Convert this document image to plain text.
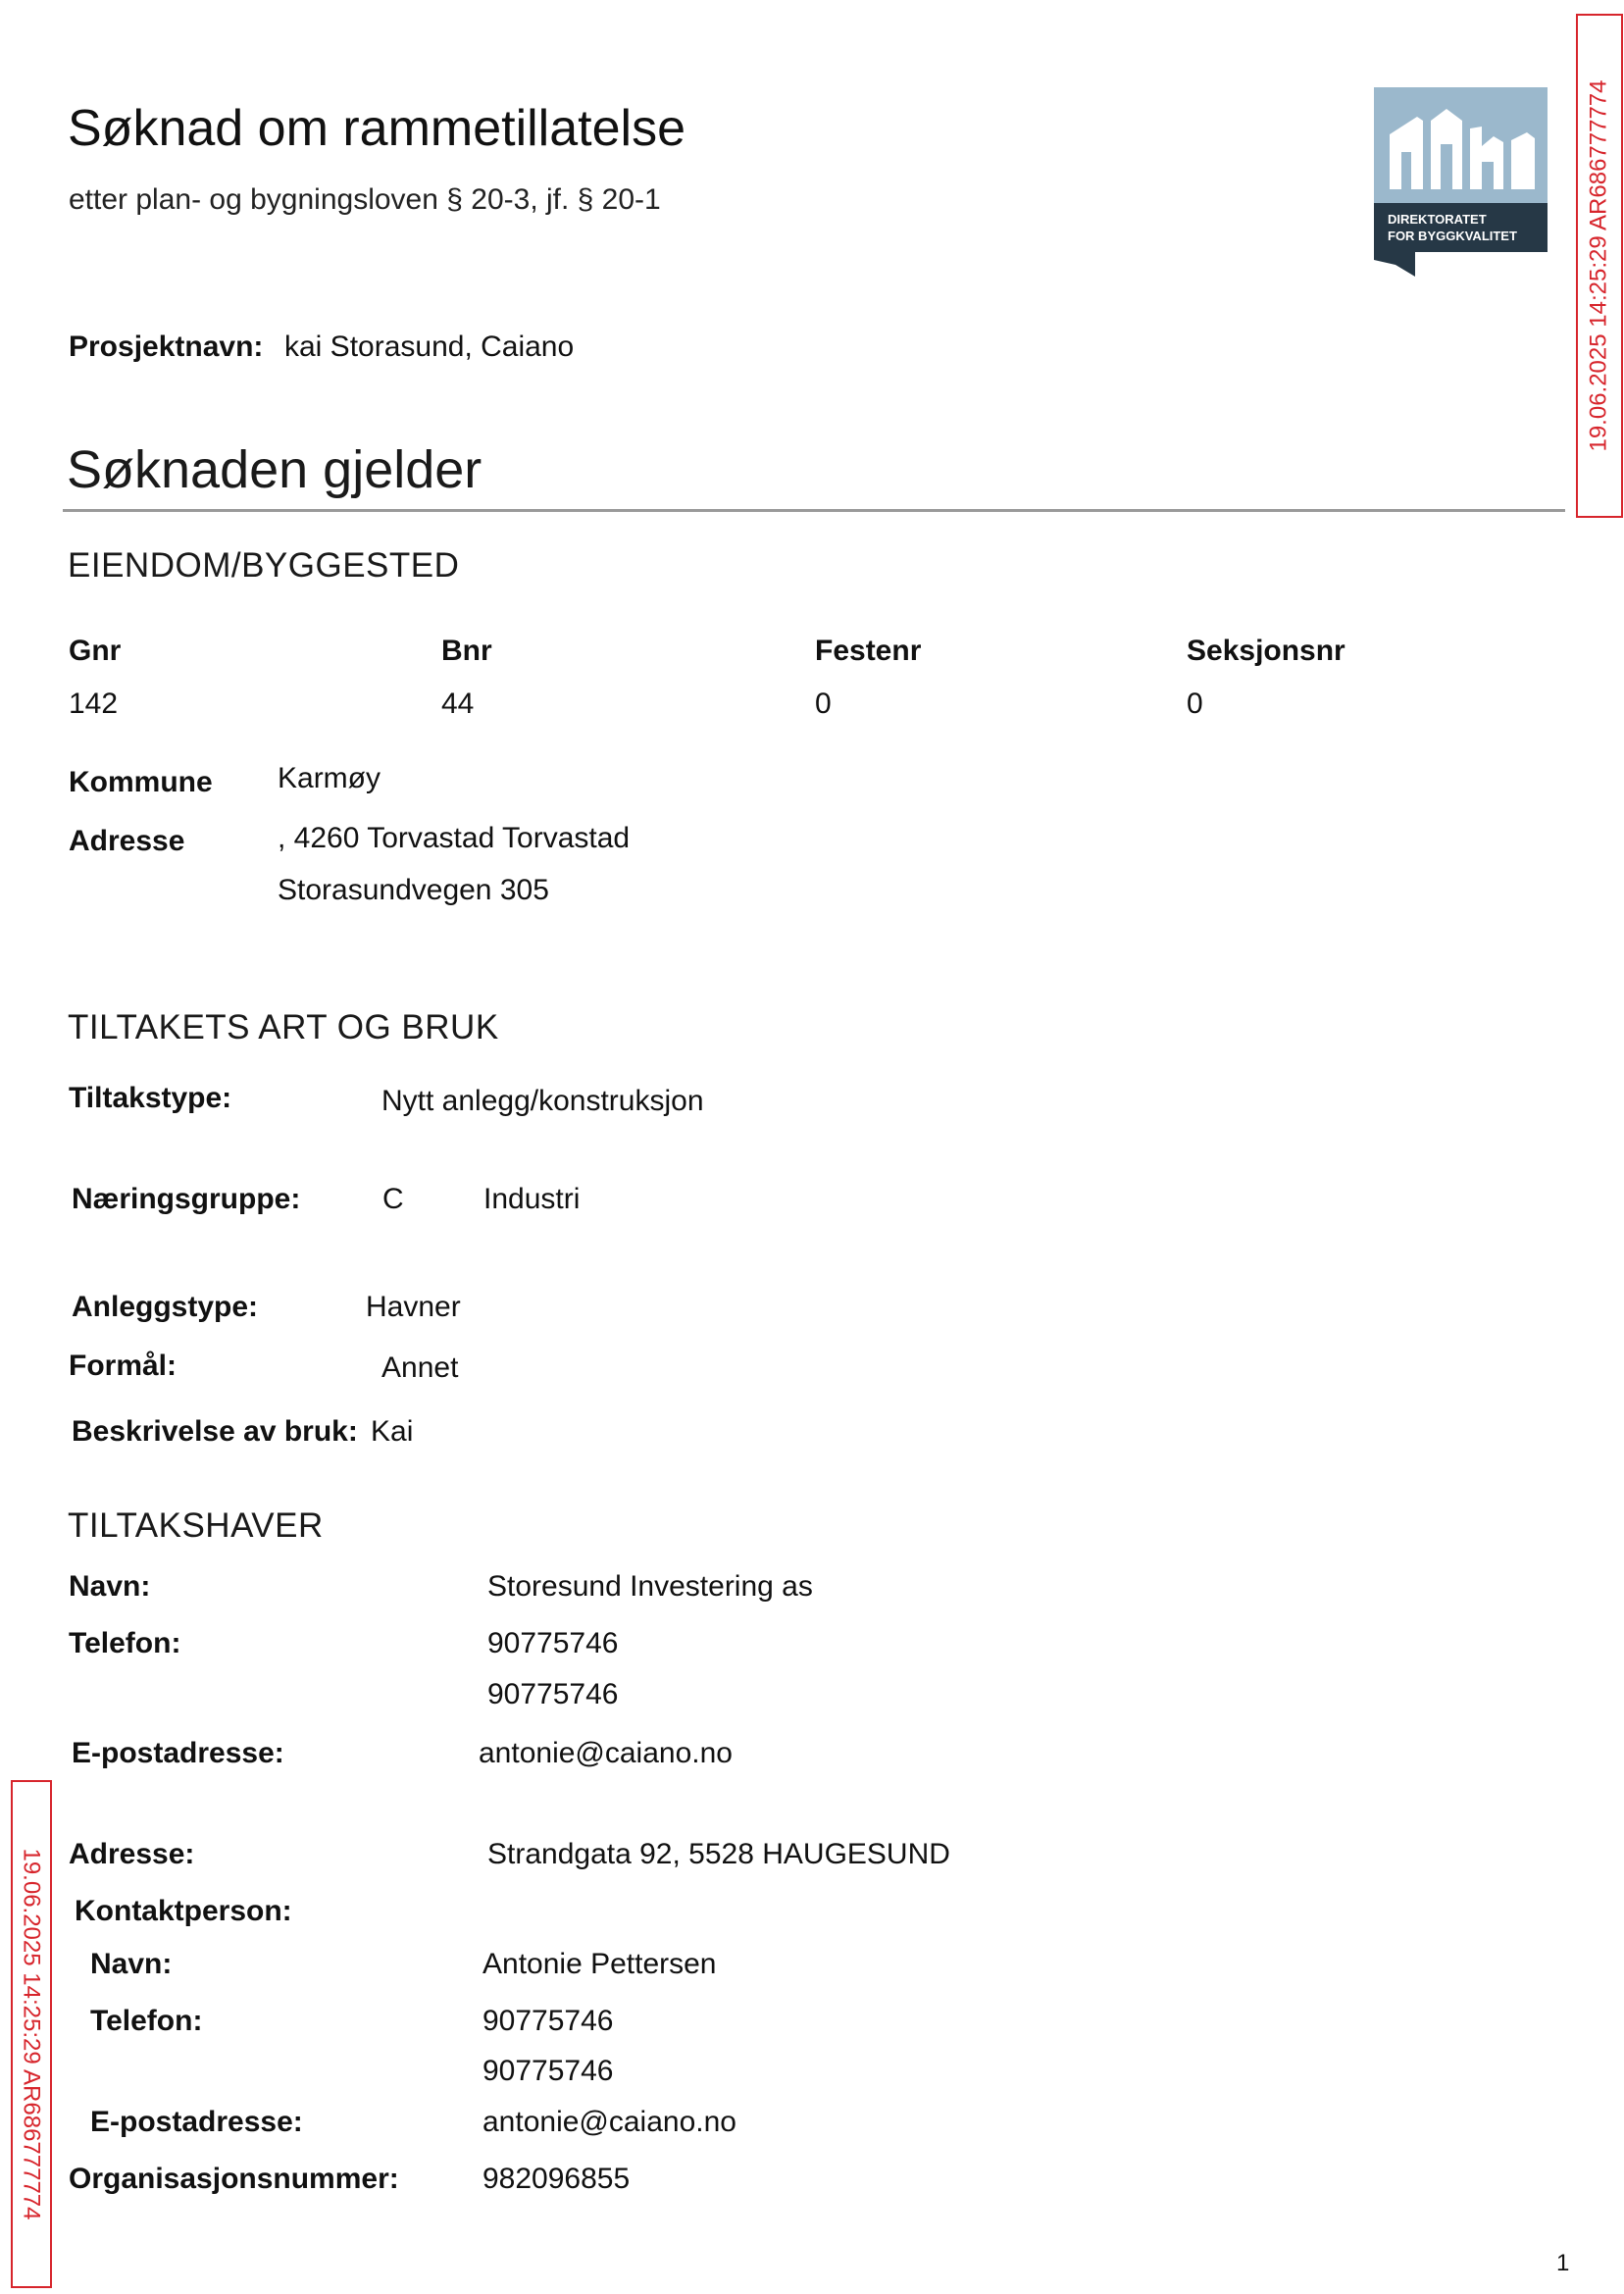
Søknad om rammetillatelse
etter plan- og bygningsloven § 20-3, jf. § 20-1
DIREKTORATET
FOR BYGGKVALITET	19.06.2025 14:25:29 AR686777774
19.06.2025 14:25:29 AR686777774
Prosjektnavn: kai Storasund, Caiano
Søknaden gjelder
EIENDOM/BYGGESTED
Gnr	Bnr	Festenr	Seksjonsnr
142	44	0	0
Kommune Karmøy
Adresse	, 4260 Torvastad Torvastad
Storasundvegen 305
TILTAKETS ART OG BRUK
Tiltakstype:	Nytt anlegg/konstruksjon
Næringsgruppe:	C	Industri
Anleggstype:	Havner
Formål:	Annet
Beskrivelse av bruk: Kai
TILTAKSHAVER
Navn:	Storesund Investering as
Telefon:	90775746
90775746
E-postadresse:	antonie@caiano.no
Adresse:	Strandgata 92, 5528 HAUGESUND
Kontaktperson:
Navn:	Antonie Pettersen
Telefon:	90775746
90775746
E-postadresse:	antonie@caiano.no
Organisasjonsnummer:	982096855
1
